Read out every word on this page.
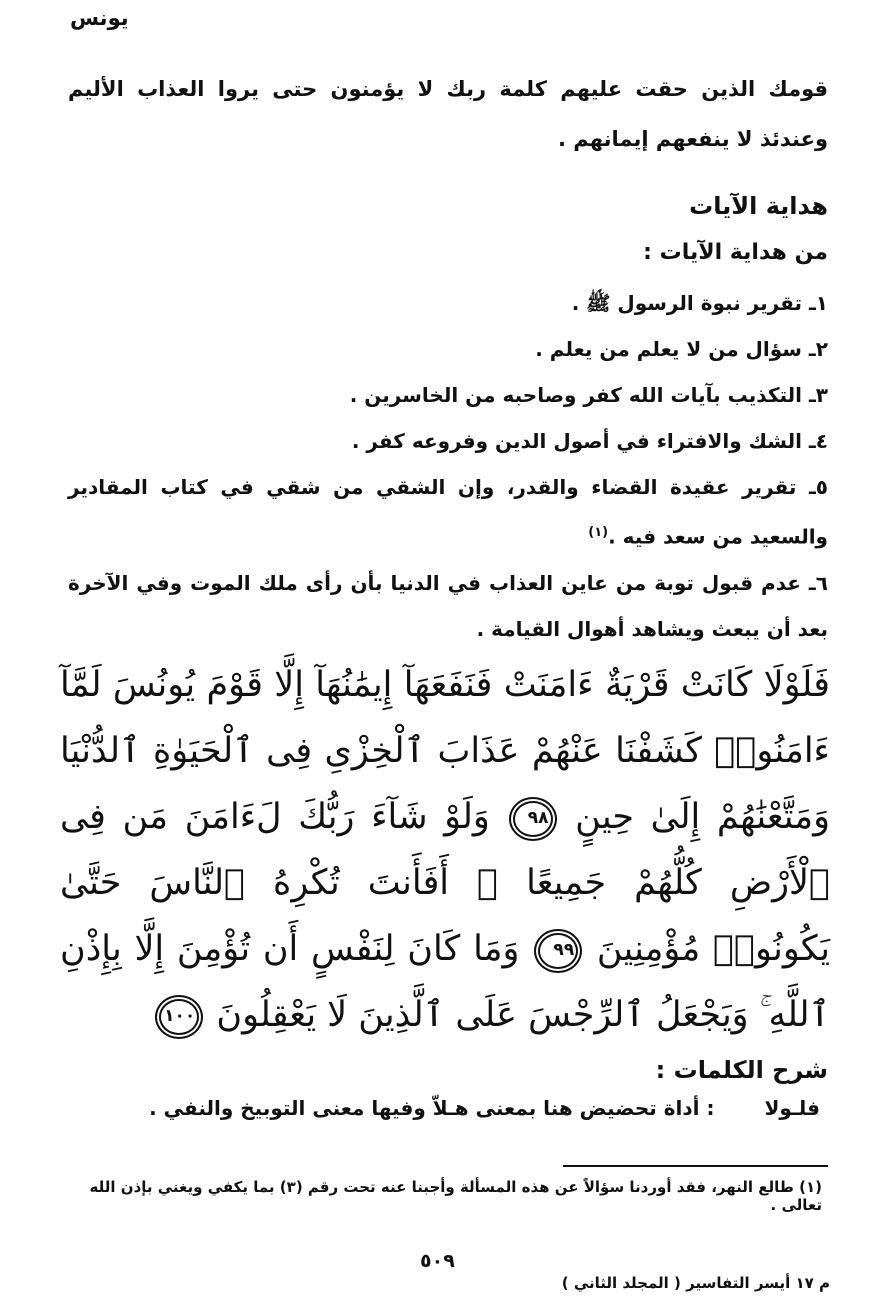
يونس

قومك الذين حقت عليهم كلمة ربك لا يؤمنون حتى يروا العذاب الأليم وعندئذ لا ينفعهم إيمانهم .

هداية الآيات
من هداية الآيات :
١ـ تقرير نبوة الرسول ﷺ .
٢ـ سؤال من لا يعلم من يعلم .
٣ـ التكذيب بآيات الله كفر وصاحبه من الخاسرين .
٤ـ الشك والافتراء في أصول الدين وفروعه كفر .
٥ـ تقرير عقيدة القضاء والقدر، وإن الشقي من شقي في كتاب المقادير والسعيد من سعد فيه .$^{(١)}$
٦ـ عدم قبول توبة من عاين العذاب في الدنيا بأن رأى ملك الموت وفي الآخرة بعد أن يبعث ويشاهد أهوال القيامة .
فَلَوْلَا كَانَتْ قَرْيَةٌ ءَامَنَتْ فَنَفَعَهَآ إِيمَٰنُهَآ إِلَّا قَوْمَ يُونُسَ لَمَّآ ءَامَنُوا۟ كَشَفْنَا عَنْهُمْ عَذَابَ ٱلْخِزْىِ فِى ٱلْحَيَوٰةِ ٱلدُّنْيَا وَمَتَّعْنَٰهُمْ إِلَىٰ حِينٍ ٩٨ وَلَوْ شَآءَ رَبُّكَ لَءَامَنَ مَن فِى ٱلْأَرْضِ كُلُّهُمْ جَمِيعًا ۚ أَفَأَنتَ تُكْرِهُ ٱلنَّاسَ حَتَّىٰ يَكُونُوا۟ مُؤْمِنِينَ ٩٩ وَمَا كَانَ لِنَفْسٍ أَن تُؤْمِنَ إِلَّا بِإِذْنِ ٱللَّهِ ۚ وَيَجْعَلُ ٱلرِّجْسَ عَلَى ٱلَّذِينَ لَا يَعْقِلُونَ ١٠٠
شرح الكلمات :
فلـولا
: أداة تحضيض هنا بمعنى هـلاّ وفيها معنى التوبيخ والنفي .
(١) طالع النهر، فقد أوردنا سؤالاً عن هذه المسألة وأجبنا عنه تحت رقم (٣) بما يكفي ويغني بإذن الله تعالى .
٥٠٩
م ١٧ أيسر التفاسير ( المجلد الثاني )
